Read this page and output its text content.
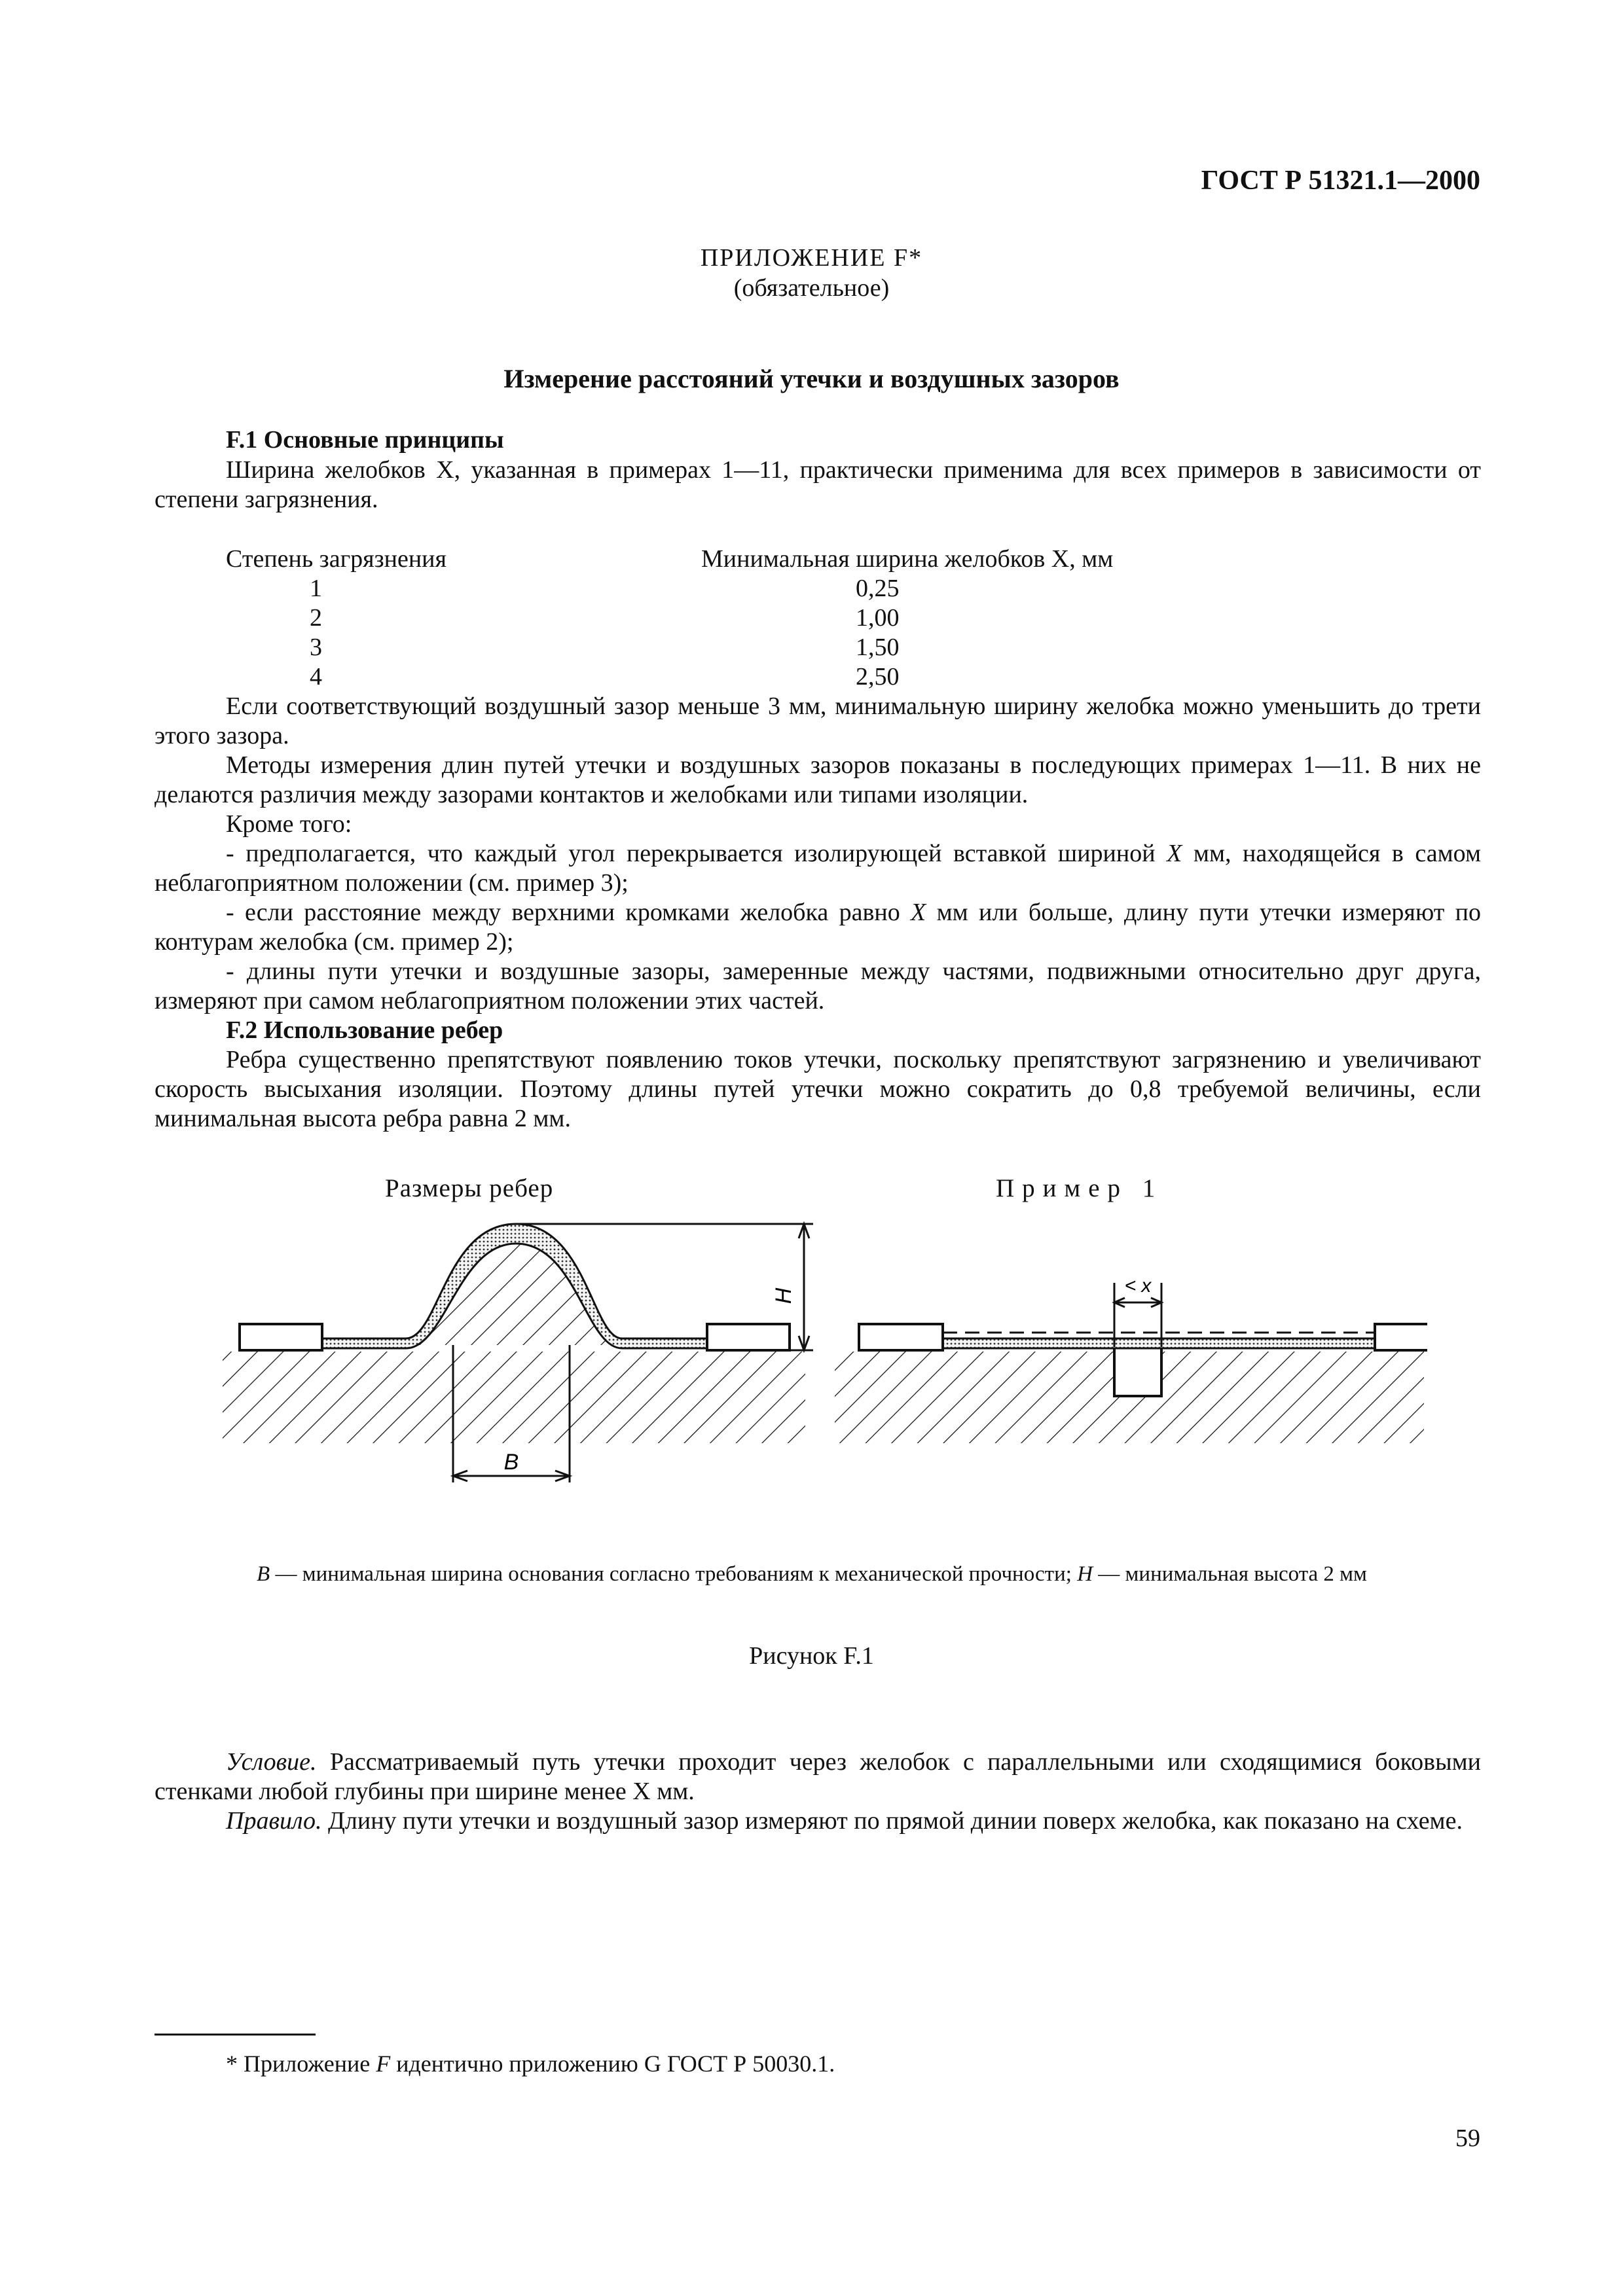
ГОСТ Р 51321.1—2000
ПРИЛОЖЕНИЕ F*
(обязательное)
Измерение расстояний утечки и воздушных зазоров
F.1 Основные принципы
Ширина желобков X, указанная в примерах 1—11, практически применима для всех примеров в зависимости от степени загрязнения.
Степень загрязнения	Минимальная ширина желобков X, мм
1	0,25
2	1,00
3	1,50
4	2,50
Если соответствующий воздушный зазор меньше 3 мм, минимальную ширину желобка можно уменьшить до трети этого зазора.
Методы измерения длин путей утечки и воздушных зазоров показаны в последующих примерах 1—11. В них не делаются различия между зазорами контактов и желобками или типами изоляции.
Кроме того:
- предполагается, что каждый угол перекрывается изолирующей вставкой шириной X мм, находящейся в самом неблагоприятном положении (см. пример 3);
- если расстояние между верхними кромками желобка равно X мм или больше, длину пути утечки измеряют по контурам желобка (см. пример 2);
- длины пути утечки и воздушные зазоры, замеренные между частями, подвижными относительно друг друга, измеряют при самом неблагоприятном положении этих частей.
F.2 Использование ребер
Ребра существенно препятствуют появлению токов утечки, поскольку препятствуют загрязнению и увеличивают скорость высыхания изоляции. Поэтому длины путей утечки можно сократить до 0,8 требуемой величины, если минимальная высота ребра равна 2 мм.
Размеры ребер	Пример 1
H
B
< x
B — минимальная ширина основания согласно требованиям к механической прочности; H — минимальная высота 2 мм
Рисунок F.1
Условие. Рассматриваемый путь утечки проходит через желобок с параллельными или сходящимися боковыми стенками любой глубины при ширине менее X мм.
Правило. Длину пути утечки и воздушный зазор измеряют по прямой динии поверх желобка, как показано на схеме.
* Приложение F идентично приложению G ГОСТ Р 50030.1.
59
